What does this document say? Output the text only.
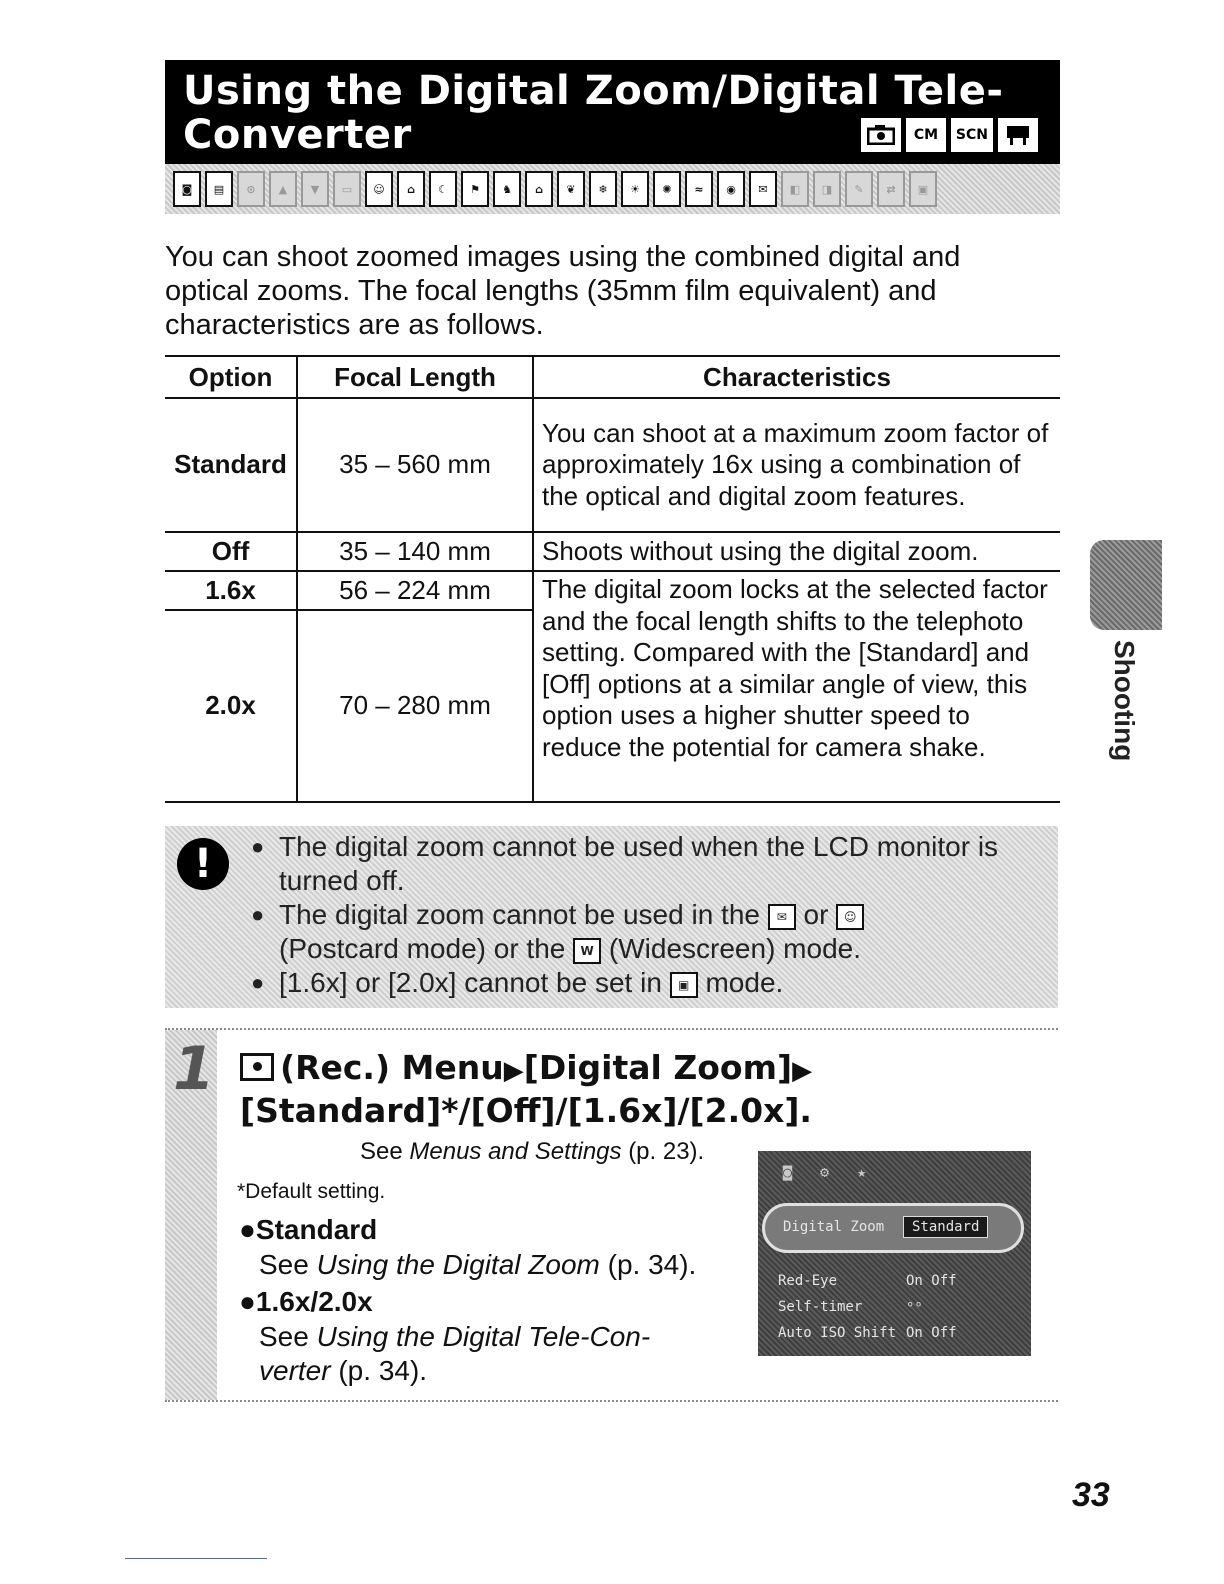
Using the Digital Zoom/Digital Tele-
Converter	CM	SCN
◙	▤	⊙	▲	▼	▭	☺	⌂	☾	⚑	♞	⌂	❦	❄	☀	✺	≈	◉	✉	◧	◨	✎	⇄	▣

You can shoot zoomed images using the combined digital and optical zooms. The focal lengths (35mm film equivalent) and characteristics are as follows.

Option	Focal Length	Characteristics
Standard	35 – 560 mm	You can shoot at a maximum zoom factor of approximately 16x using a combination of the optical and digital zoom features.
Off	35 – 140 mm	Shoots without using the digital zoom.
1.6x	56 – 224 mm	The digital zoom locks at the selected factor and the focal length shifts to the telephoto setting. Compared with the [Standard] and [Off] options at a similar angle of view, this option uses a higher shutter speed to reduce the potential for camera shake.
2.0x	70 – 280 mm		Shooting
!	● The digital zoom cannot be used when the LCD monitor is turned off.
● The digital zoom cannot be used in the ✉ or ☺
(Postcard mode) or the W (Widescreen) mode.
● [1.6x] or [2.0x] cannot be set in ▣ mode.
1	(Rec.) Menu▶[Digital Zoom]▶
[Standard]*/[Off]/[1.6x]/[2.0x].
See Menus and Settings (p. 23).
*Default setting.
●Standard
See Using the Digital Zoom (p. 34).
●1.6x/2.0x
See Using the Digital Tele-Con-verter (p. 34).
◙ ⚙ ★
Digital Zoom	Standard
Red-Eye	On Off
Self-timer	ᵒᵒ
Auto ISO Shift On Off
33
